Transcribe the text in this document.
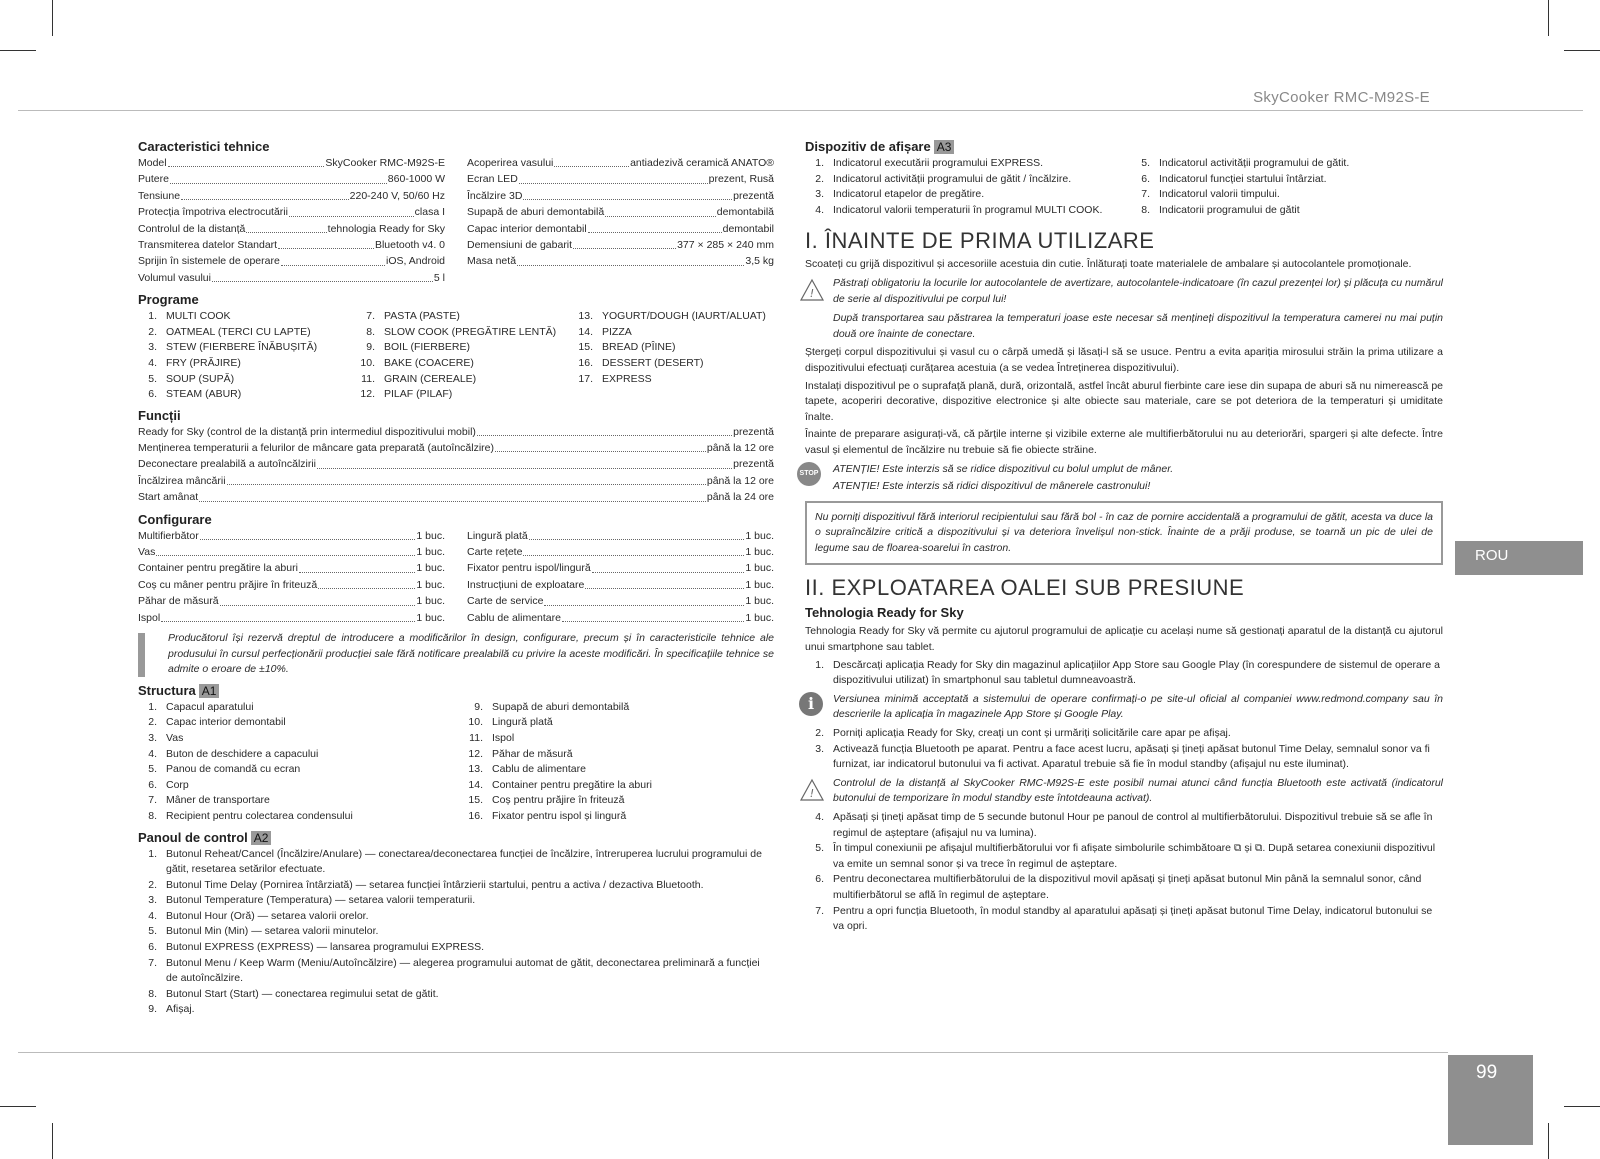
SkyCooker RMC-M92S-E
ROU
99
Caracteristici tehnice
Model	SkyCooker RMC-M92S-E
Putere	860-1000 W
Tensiune	220-240 V, 50/60 Hz
Protecția împotriva electrocutării	clasa I
Controlul de la distanță	tehnologia Ready for Sky
Transmiterea datelor Standart	Bluetooth v4. 0
Sprijin în sistemele de operare	iOS, Android
Volumul vasului	5 l
Acoperirea vasului	antiadezivă ceramică ANATO®
Ecran LED	prezent, Rusă
Încălzire 3D	prezentă
Supapă de aburi demontabilă	demontabilă
Capac interior demontabil	demontabil
Demensiuni de gabarit	377 × 285 × 240 mm
Masa netă	3,5 kg
Programe
1. MULTI COOK
2. OATMEAL (TERCI CU LAPTE)
3. STEW (FIERBERE ÎNĂBUȘITĂ)
4. FRY (PRĂJIRE)
5. SOUP (SUPĂ)
6. STEAM (ABUR)
7. PASTA (PASTE)
8. SLOW COOK (PREGĂTIRE LENTĂ)
9. BOIL (FIERBERE)
10. BAKE (COACERE)
11. GRAIN (CEREALE)
12. PILAF (PILAF)
13. YOGURT/DOUGH (IAURT/ALUAT)
14. PIZZA
15. BREAD (PÎINE)
16. DESSERT (DESERT)
17. EXPRESS
Funcții
Ready for Sky (control de la distanță prin intermediul dispozitivului mobil)	prezentă
Menținerea temperaturii a felurilor de mâncare gata preparată (autoîncălzire)	până la 12 ore
Deconectare prealabilă a autoîncălzirii	prezentă
Încălzirea mâncării	până la 12 ore
Start amânat	până la 24 ore
Configurare
Multifierbător	1 buc.
Vas	1 buc.
Container pentru pregătire la aburi	1 buc.
Coș cu mâner pentru prăjire în friteuză	1 buc.
Păhar de măsură	1 buc.
Ispol	1 buc.
Lingură plată	1 buc.
Carte rețete	1 buc.
Fixator pentru ispol/lingură	1 buc.
Instrucțiuni de exploatare	1 buc.
Carte de service	1 buc.
Cablu de alimentare	1 buc.

Producătorul își rezervă dreptul de introducere a modificărilor în design, configurare, precum și în caracteristicile tehnice ale produsului în cursul perfecționării producției sale fără notificare prealabilă cu privire la aceste modificări. În specificațiile tehnice se admite o eroare de ±10%.

Structura A1
1. Capacul aparatului
2. Capac interior demontabil
3. Vas
4. Buton de deschidere a capacului
5. Panou de comandă cu ecran
6. Corp
7. Mâner de transportare
8. Recipient pentru colectarea condensului
9. Supapă de aburi demontabilă
10. Lingură plată
11. Ispol
12. Păhar de măsură
13. Cablu de alimentare
14. Container pentru pregătire la aburi
15. Coș pentru prăjire în friteuză
16. Fixator pentru ispol și lingură
Panoul de control A2
1. Butonul Reheat/Cancel (Încălzire/Anulare) — conectarea/deconectarea funcției de încălzire, întreruperea lucrului programului de gătit, resetarea setărilor efectuate.
2. Butonul Time Delay (Pornirea întârziată) — setarea funcției întârzierii startului, pentru a activa / dezactiva Bluetooth.
3. Butonul Temperature (Temperatura) — setarea valorii temperaturii.
4. Butonul Hour (Oră) — setarea valorii orelor.
5. Butonul Min (Min) — setarea valorii minutelor.
6. Butonul EXPRESS (EXPRESS) — lansarea programului EXPRESS.
7. Butonul Menu / Keep Warm (Meniu/Autoîncălzire) — alegerea programului automat de gătit, deconectarea preliminară a funcției de autoîncălzire.
8. Butonul Start (Start) — conectarea regimului setat de gătit.
9. Afișaj.
Dispozitiv de afișare A3
1. Indicatorul executării programului EXPRESS.
2. Indicatorul activității programului de gătit / încălzire.
3. Indicatorul etapelor de pregătire.
4. Indicatorul valorii temperaturii în programul MULTI COOK.
5. Indicatorul activității programului de gătit.
6. Indicatorul funcției startului întârziat.
7. Indicatorul valorii timpului.
8. Indicatorii programului de gătit
I. ÎNAINTE DE PRIMA UTILIZARE

Scoateți cu grijă dispozitivul și accesoriile acestuia din cutie. Înlăturați toate materialele de ambalare și autocolantele promoționale.

!

Păstrați obligatoriu la locurile lor autocolantele de avertizare, autocolantele-indicatoare (în cazul prezenței lor) și plăcuța cu numărul de serie al dispozitivului pe corpul lui!

După transportarea sau păstrarea la temperaturi joase este necesar să mențineți dispozitivul la temperatura camerei nu mai puțin două ore înainte de conectare.

Ștergeți corpul dispozitivului și vasul cu o cârpă umedă și lăsați-l să se usuce. Pentru a evita apariția mirosului străin la prima utilizare a dispozitivului efectuați curățarea acestuia (a se vedea Întreținerea dispozitivului).

Instalați dispozitivul pe o suprafață plană, dură, orizontală, astfel încât aburul fierbinte care iese din supapa de aburi să nu nimerească pe tapete, acoperiri decorative, dispozitive electronice și alte obiecte sau materiale, care se pot deteriora de la temperaturi și umiditate înalte.

Înainte de preparare asigurați-vă, că părțile interne și vizibile externe ale multifierbătorului nu au deteriorări, spargeri și alte defecte. Între vasul și elementul de încălzire nu trebuie să fie obiecte străine.

STOP ATENȚIE! Este interzis să se ridice dispozitivul cu bolul umplut de mâner.

ATENȚIE! Este interzis să ridici dispozitivul de mânerele castronului!

Nu porniți dispozitivul fără interiorul recipientului sau fără bol - în caz de pornire accidentală a programului de gătit, acesta va duce la o supraîncălzire critică a dispozitivului și va deteriora învelișul non-stick. Înainte de a prăji produse, se toarnă un pic de ulei de legume sau de floarea-soarelui în castron.

II. EXPLOATAREA OALEI SUB PRESIUNE
Tehnologia Ready for Sky

Tehnologia Ready for Sky vă permite cu ajutorul programului de aplicație cu același nume să gestionați aparatul de la distanță cu ajutorul unui smartphone sau tablet.

1. Descărcați aplicația Ready for Sky din magazinul aplicațiilor App Store sau Google Play (în corespundere de sistemul de operare a dispozitivului utilizat) în smartphonul sau tabletul dumneavoastră.
i	Versiunea minimă acceptată a sistemului de operare confirmați-o pe site-ul oficial al companiei www.redmond.company sau în descrierile la aplicația în magazinele App Store și Google Play.

2. Porniți aplicația Ready for Sky, creați un cont și urmăriți solicitările care apar pe afișaj.
3. Activează funcția Bluetooth pe aparat. Pentru a face acest lucru, apăsați și țineți apăsat butonul Time Delay, semnalul sonor va fi furnizat, iar indicatorul butonului va fi activat. Aparatul trebuie să fie în modul standby (afișajul nu este iluminat).
!

Controlul de la distanță al SkyCooker RMC-M92S-E este posibil numai atunci când funcția Bluetooth este activată (indicatorul butonului de temporizare în modul standby este întotdeauna activat).

4. Apăsați și țineți apăsat timp de 5 secunde butonul Hour pe panoul de control al multifierbătorului. Dispozitivul trebuie să se afle în regimul de așteptare (afișajul nu va lumina).
5. În timpul conexiunii pe afișajul multifierbătorului vor fi afișate simbolurile schimbătoare ⧉ și ⧉. După setarea conexiunii dispozitivul va emite un semnal sonor și va trece în regimul de așteptare.
6. Pentru deconectarea multifierbătorului de la dispozitivul movil apăsați și țineți apăsat butonul Min până la semnalul sonor, când multifierbătorul se află în regimul de așteptare.
7. Pentru a opri funcția Bluetooth, în modul standby al aparatului apăsați și țineți apăsat butonul Time Delay, indicatorul butonului se va opri.
